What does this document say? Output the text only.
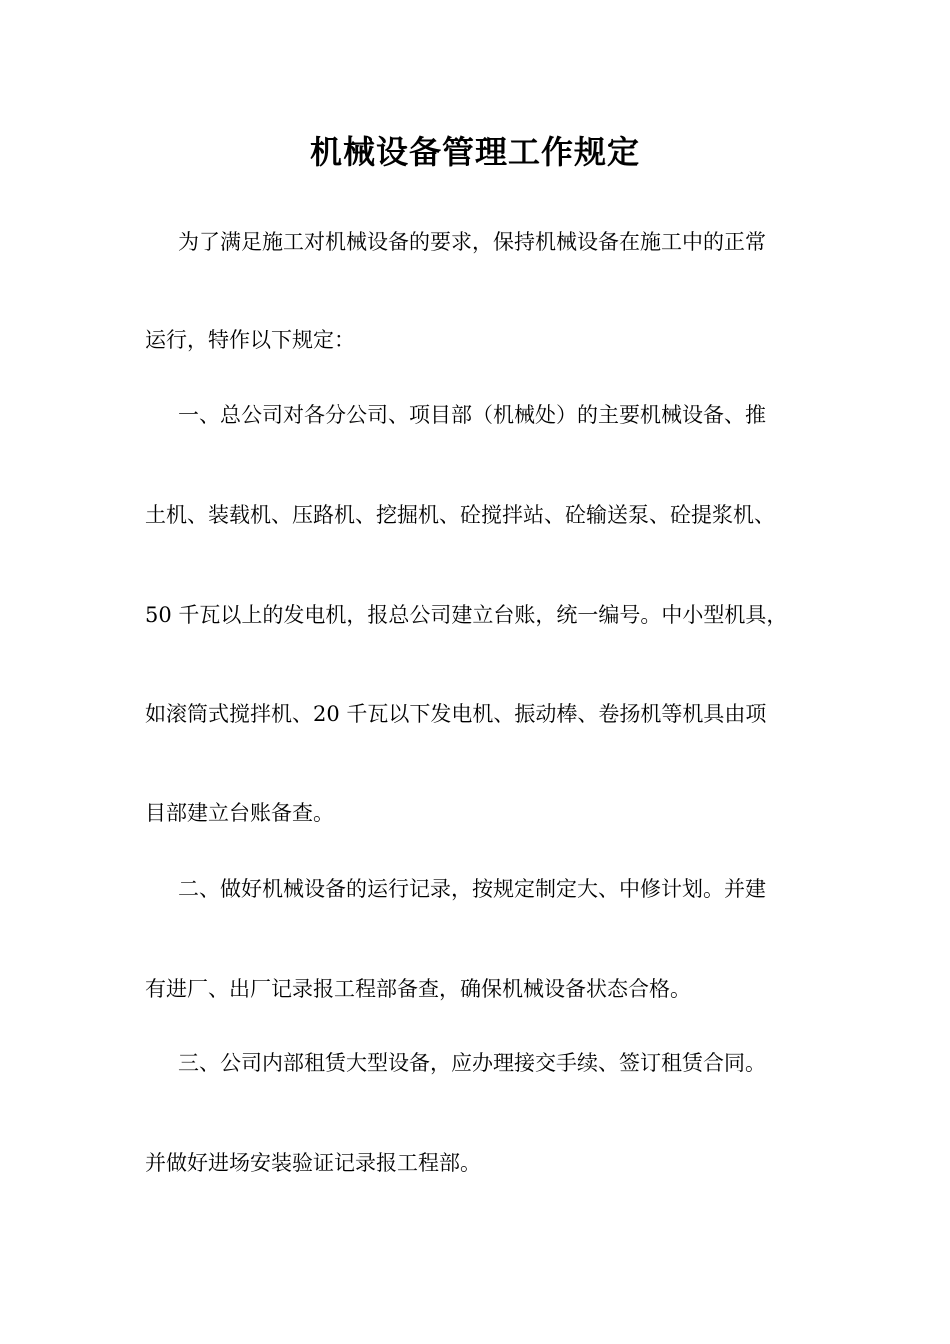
机械设备管理工作规定
为了满足施工对机械设备的要求，保持机械设备在施工中的正常
运行，特作以下规定：
一、总公司对各分公司、项目部（机械处）的主要机械设备、推
土机、装载机、压路机、挖掘机、砼搅拌站、砼输送泵、砼提浆机、
50 千瓦以上的发电机，报总公司建立台账，统一编号。中小型机具，
如滚筒式搅拌机、20 千瓦以下发电机、振动棒、卷扬机等机具由项
目部建立台账备查。
二、做好机械设备的运行记录，按规定制定大、中修计划。并建
有进厂、出厂记录报工程部备查，确保机械设备状态合格。
三、公司内部租赁大型设备，应办理接交手续、签订租赁合同。
并做好进场安装验证记录报工程部。
